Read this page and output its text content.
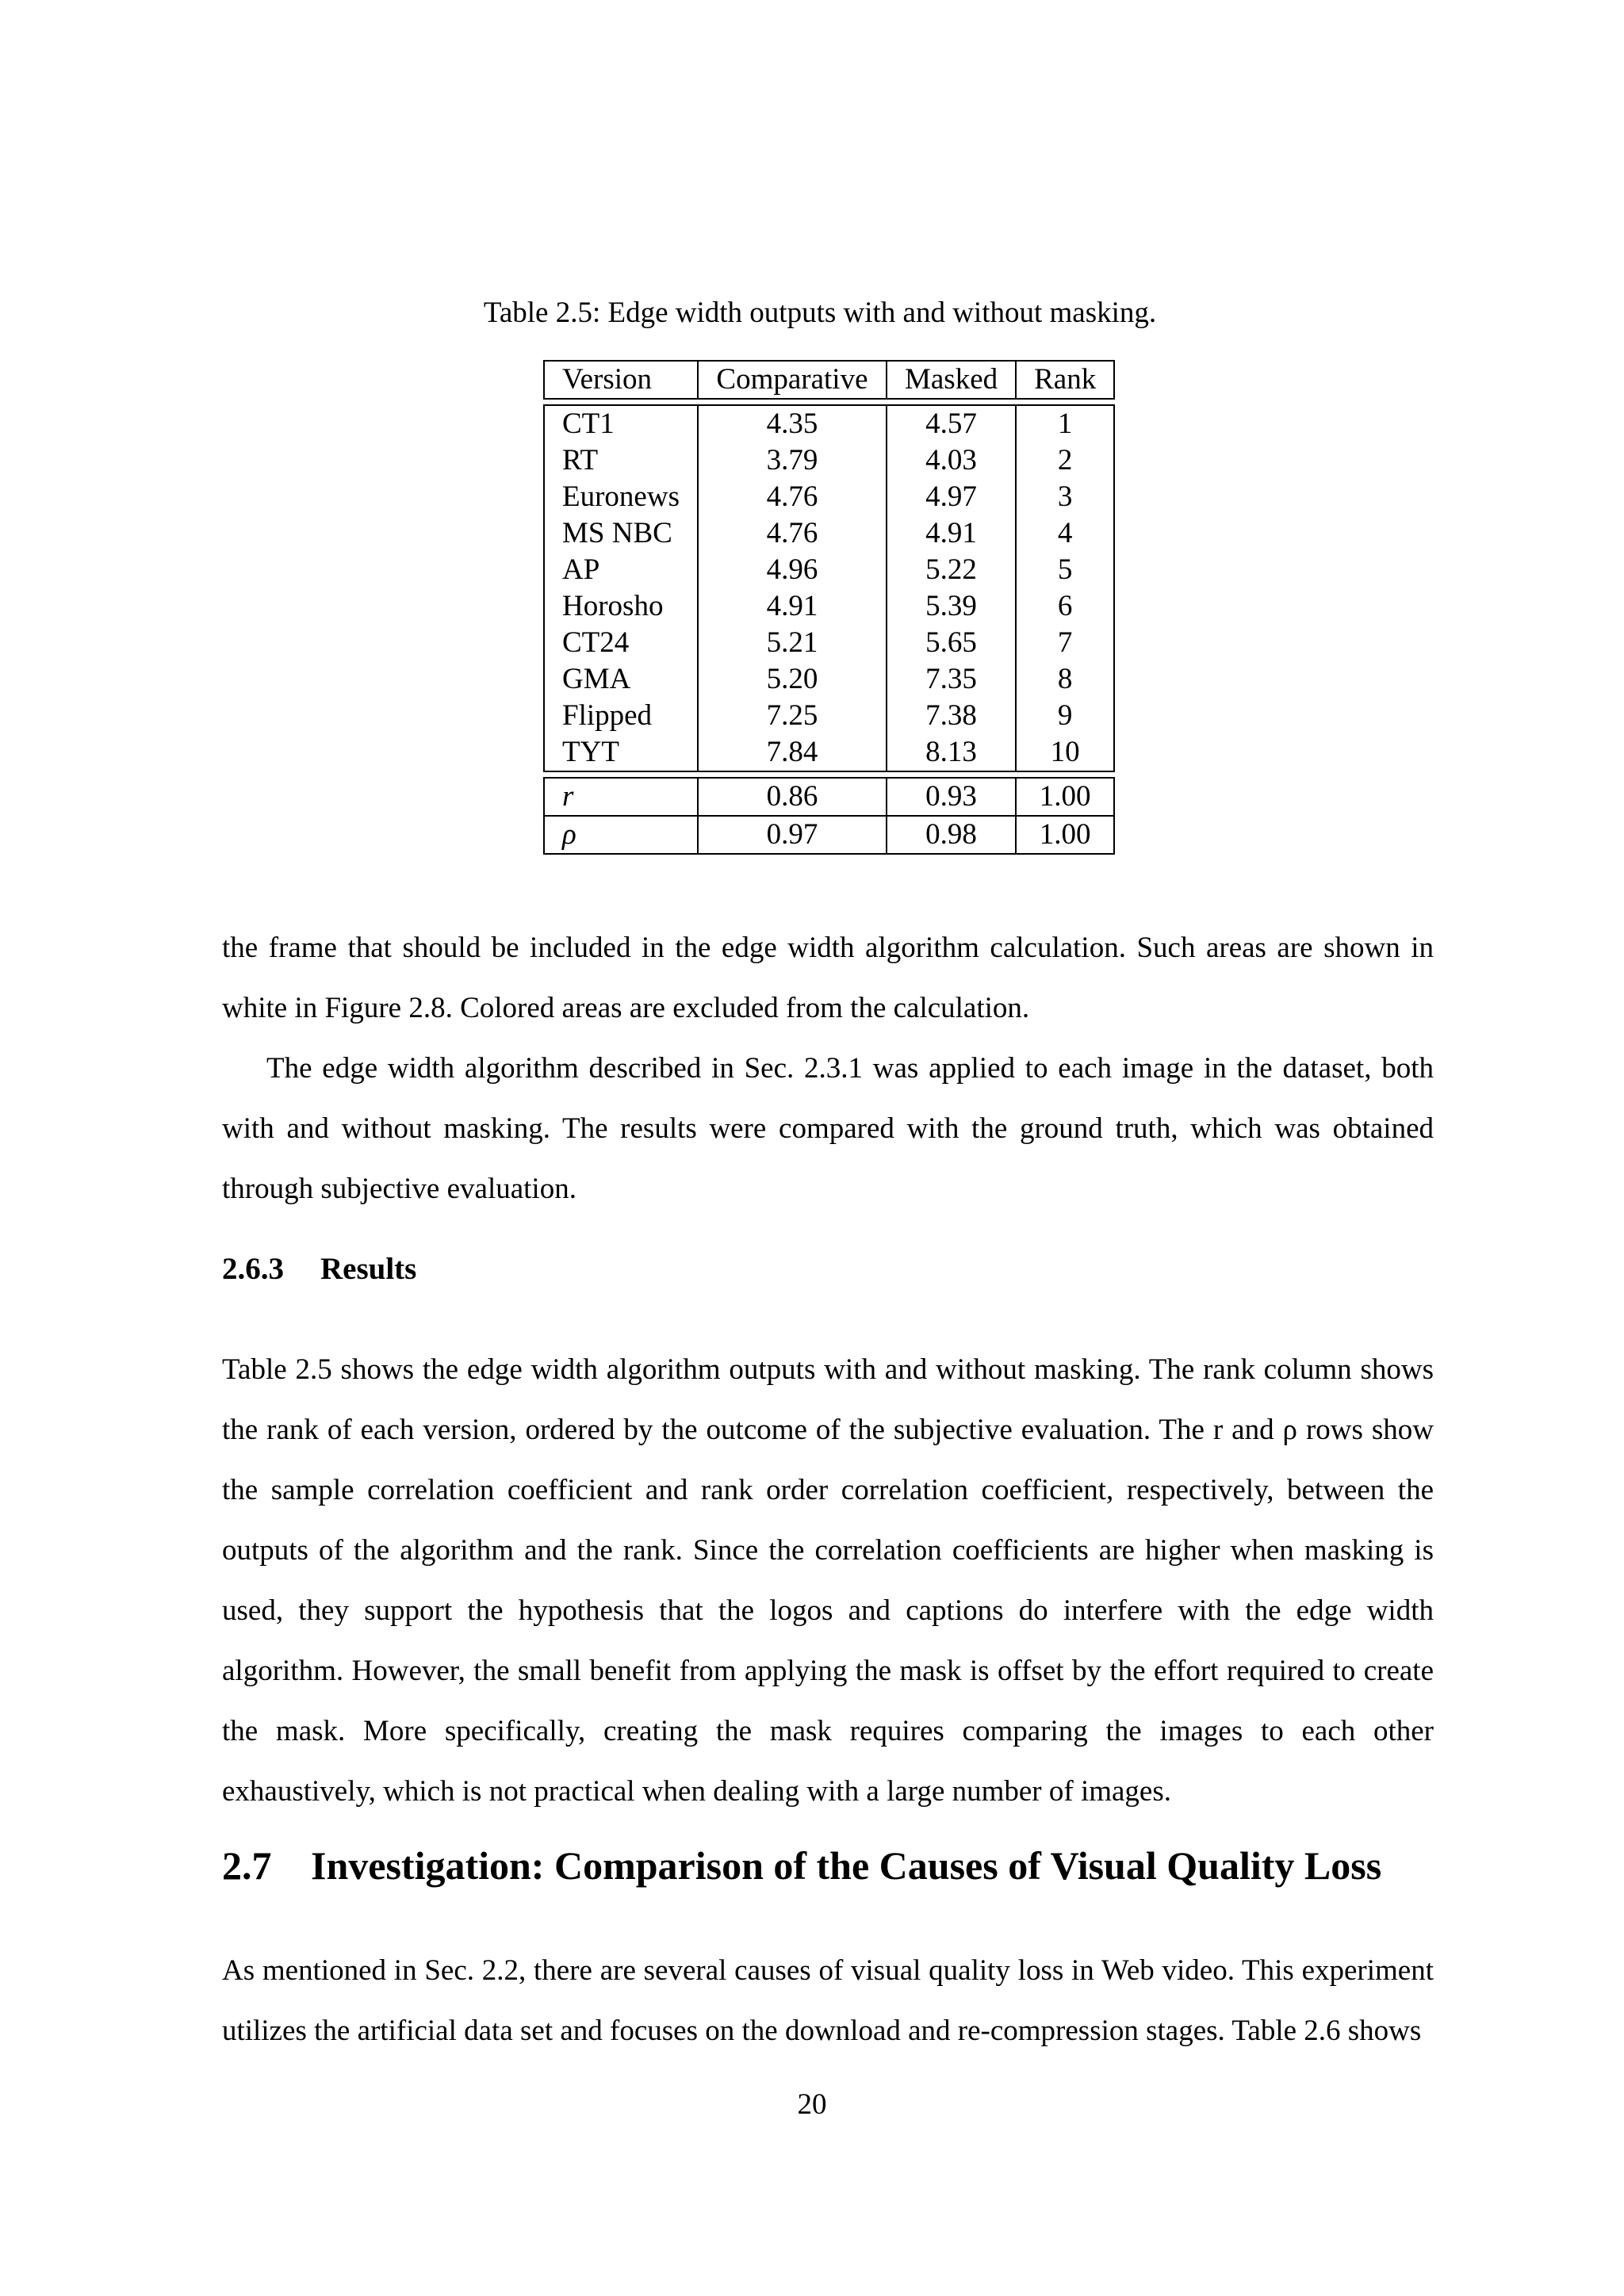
Table 2.5: Edge width outputs with and without masking.
Version	Comparative	Masked	Rank

CT1	4.35	4.57	1
RT	3.79	4.03	2
Euronews	4.76	4.97	3
MS NBC	4.76	4.91	4
AP	4.96	5.22	5
Horosho	4.91	5.39	6
CT24	5.21	5.65	7
GMA	5.20	7.35	8
Flipped	7.25	7.38	9
TYT	7.84	8.13	10

r	0.86	0.93	1.00
ρ	0.97	0.98	1.00

the frame that should be included in the edge width algorithm calculation. Such areas are shown in white in Figure 2.8. Colored areas are excluded from the calculation.

The edge width algorithm described in Sec. 2.3.1 was applied to each image in the dataset, both with and without masking. The results were compared with the ground truth, which was obtained through subjective evaluation.

2.6.3 Results

Table 2.5 shows the edge width algorithm outputs with and without masking. The rank column shows the rank of each version, ordered by the outcome of the subjective evaluation. The r and ρ rows show the sample correlation coefficient and rank order correlation coefficient, respectively, between the outputs of the algorithm and the rank. Since the correlation coefficients are higher when masking is used, they support the hypothesis that the logos and captions do interfere with the edge width algorithm. However, the small benefit from applying the mask is offset by the effort required to create the mask. More specifically, creating the mask requires comparing the images to each other exhaustively, which is not practical when dealing with a large number of images.

2.7 Investigation: Comparison of the Causes of Visual Quality Loss

As mentioned in Sec. 2.2, there are several causes of visual quality loss in Web video. This experiment utilizes the artificial data set and focuses on the download and re-compression stages. Table 2.6 shows

20
